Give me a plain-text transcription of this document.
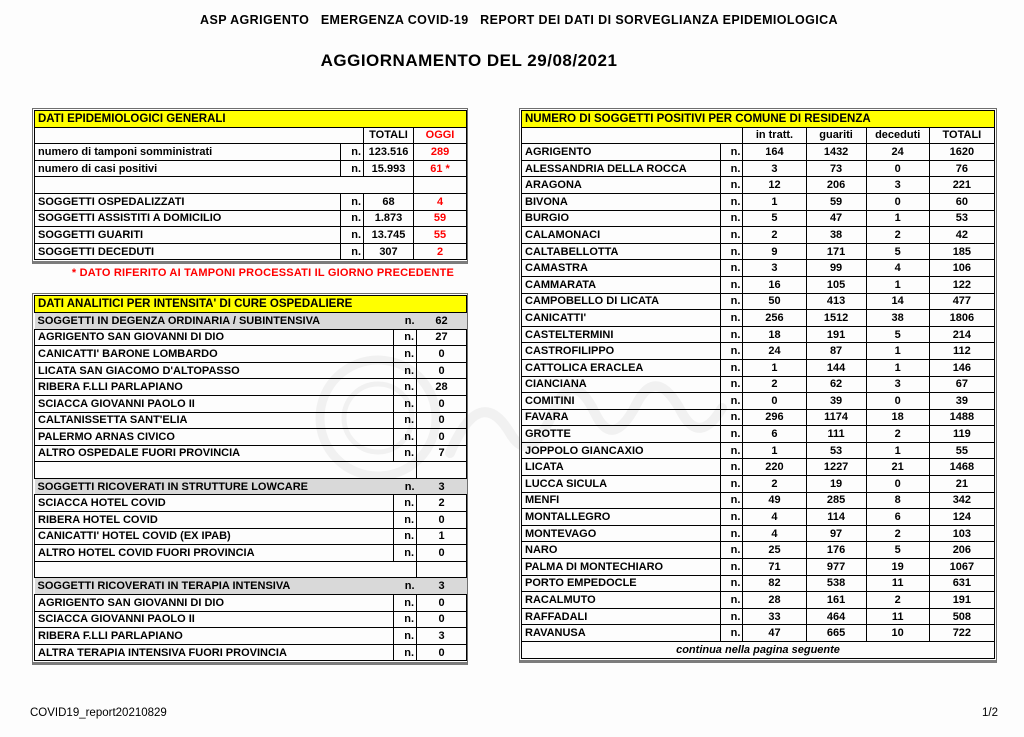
ASP AGRIGENTO   EMERGENZA COVID-19   REPORT DEI DATI DI SORVEGLIANZA EPIDEMIOLOGICA
AGGIORNAMENTO DEL 29/08/2021
DATI EPIDEMIOLOGICI GENERALI			
		TOTALI	OGGI
numero di tamponi somministrati	n.	123.516	289
numero di casi positivi	n.	15.993	61 *

SOGGETTI OSPEDALIZZATI	n.	68	4
SOGGETTI ASSISTITI A DOMICILIO	n.	1.873	59
SOGGETTI GUARITI	n.	13.745	55
SOGGETTI DECEDUTI	n.	307	2
* DATO RIFERITO AI TAMPONI PROCESSATI IL GIORNO PRECEDENTE
DATI ANALITICI PER INTENSITA' DI CURE OSPEDALIERE		
SOGGETTI IN DEGENZA ORDINARIA / SUBINTENSIVA	n.	62
AGRIGENTO SAN GIOVANNI DI DIO	n.	27
CANICATTI' BARONE LOMBARDO	n.	0
LICATA SAN GIACOMO D'ALTOPASSO	n.	0
RIBERA F.LLI PARLAPIANO	n.	28
SCIACCA GIOVANNI PAOLO II	n.	0
CALTANISSETTA SANT'ELIA	n.	0
PALERMO ARNAS CIVICO	n.	0
ALTRO OSPEDALE FUORI PROVINCIA	n.	7

SOGGETTI RICOVERATI IN STRUTTURE LOWCARE	n.	3
SCIACCA HOTEL COVID	n.	2
RIBERA HOTEL COVID	n.	0
CANICATTI' HOTEL COVID (EX IPAB)	n.	1
ALTRO HOTEL COVID FUORI PROVINCIA	n.	0

SOGGETTI RICOVERATI IN TERAPIA INTENSIVA	n.	3
AGRIGENTO SAN GIOVANNI DI DIO	n.	0
SCIACCA GIOVANNI PAOLO II	n.	0
RIBERA F.LLI PARLAPIANO	n.	3
ALTRA TERAPIA INTENSIVA FUORI PROVINCIA	n.	0
NUMERO DI SOGGETTI POSITIVI PER COMUNE DI RESIDENZA					
		in tratt.	guariti	deceduti	TOTALI
AGRIGENTO	n.	164	1432	24	1620
ALESSANDRIA DELLA ROCCA	n.	3	73	0	76
ARAGONA	n.	12	206	3	221
BIVONA	n.	1	59	0	60
BURGIO	n.	5	47	1	53
CALAMONACI	n.	2	38	2	42
CALTABELLOTTA	n.	9	171	5	185
CAMASTRA	n.	3	99	4	106
CAMMARATA	n.	16	105	1	122
CAMPOBELLO DI LICATA	n.	50	413	14	477
CANICATTI'	n.	256	1512	38	1806
CASTELTERMINI	n.	18	191	5	214
CASTROFILIPPO	n.	24	87	1	112
CATTOLICA ERACLEA	n.	1	144	1	146
CIANCIANA	n.	2	62	3	67
COMITINI	n.	0	39	0	39
FAVARA	n.	296	1174	18	1488
GROTTE	n.	6	111	2	119
JOPPOLO GIANCAXIO	n.	1	53	1	55
LICATA	n.	220	1227	21	1468
LUCCA SICULA	n.	2	19	0	21
MENFI	n.	49	285	8	342
MONTALLEGRO	n.	4	114	6	124
MONTEVAGO	n.	4	97	2	103
NARO	n.	25	176	5	206
PALMA DI MONTECHIARO	n.	71	977	19	1067
PORTO EMPEDOCLE	n.	82	538	11	631
RACALMUTO	n.	28	161	2	191
RAFFADALI	n.	33	464	11	508
RAVANUSA	n.	47	665	10	722
continua nella pagina seguente					
COVID19_report20210829	1/2
